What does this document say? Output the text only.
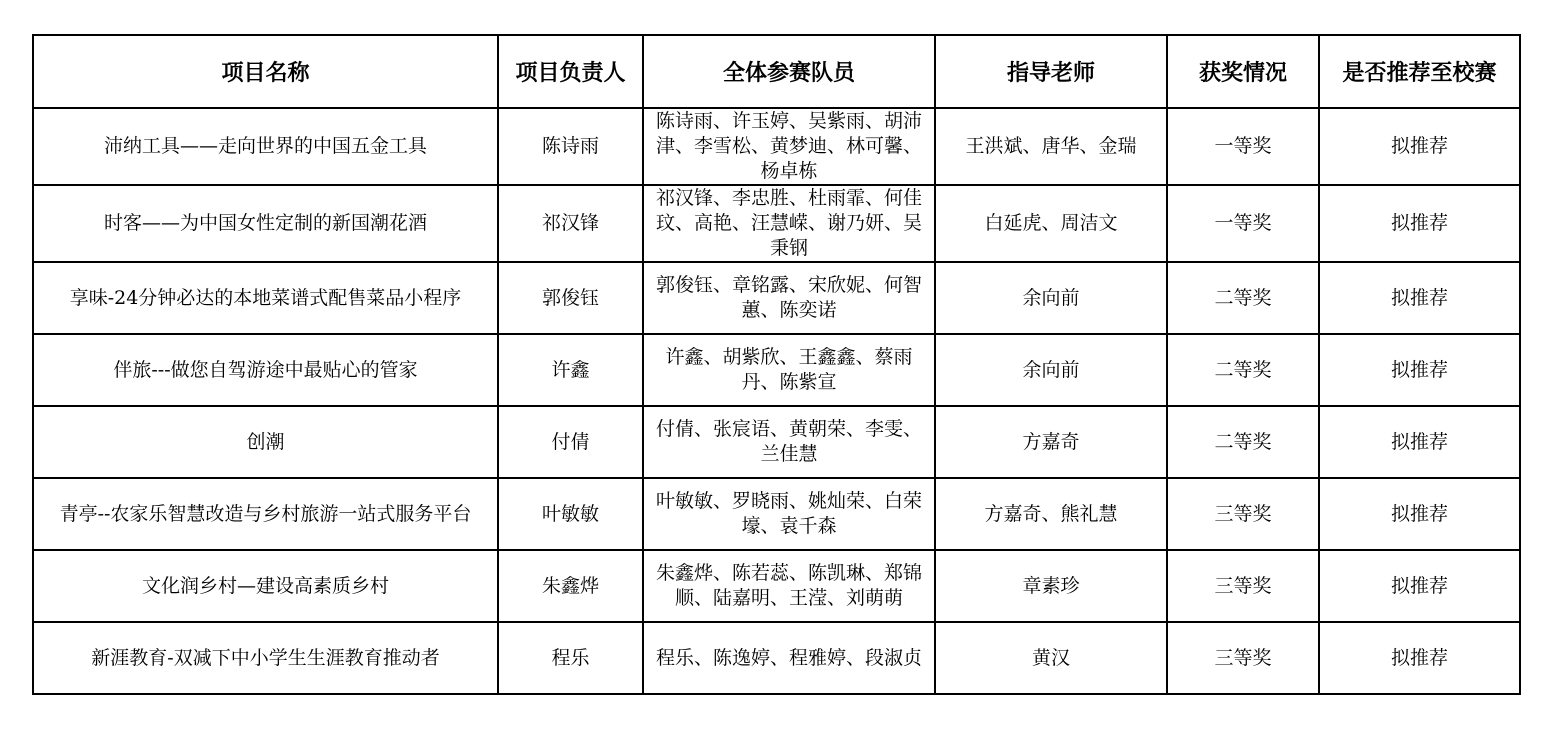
项目名称	项目负责人	全体参赛队员	指导老师	获奖情况	是否推荐至校赛
沛纳工具——走向世界的中国五金工具	陈诗雨	陈诗雨、许玉婷、吴紫雨、胡沛津、李雪松、黄梦迪、林可馨、杨卓栋	王洪斌、唐华、金瑞	一等奖	拟推荐
时客——为中国女性定制的新国潮花酒	祁汉锋	祁汉锋、李忠胜、杜雨霏、何佳玟、高艳、汪慧嵘、谢乃妍、吴秉钢	白延虎、周洁文	一等奖	拟推荐
享味-24分钟必达的本地菜谱式配售菜品小程序	郭俊钰	郭俊钰、章铭露、宋欣妮、何智蕙、陈奕诺	余向前	二等奖	拟推荐
伴旅---做您自驾游途中最贴心的管家	许鑫	许鑫、胡紫欣、王鑫鑫、蔡雨丹、陈紫宣	余向前	二等奖	拟推荐
创潮	付倩	付倩、张宸语、黄朝荣、李雯、兰佳慧	方嘉奇	二等奖	拟推荐
青亭--农家乐智慧改造与乡村旅游一站式服务平台	叶敏敏	叶敏敏、罗晓雨、姚灿荣、白荣壕、袁千森	方嘉奇、熊礼慧	三等奖	拟推荐
文化润乡村—建设高素质乡村	朱鑫烨	朱鑫烨、陈若蕊、陈凯琳、郑锦顺、陆嘉明、王滢、刘萌萌	章素珍	三等奖	拟推荐
新涯教育-双减下中小学生生涯教育推动者	程乐	程乐、陈逸婷、程雅婷、段淑贞	黄汉	三等奖	拟推荐
